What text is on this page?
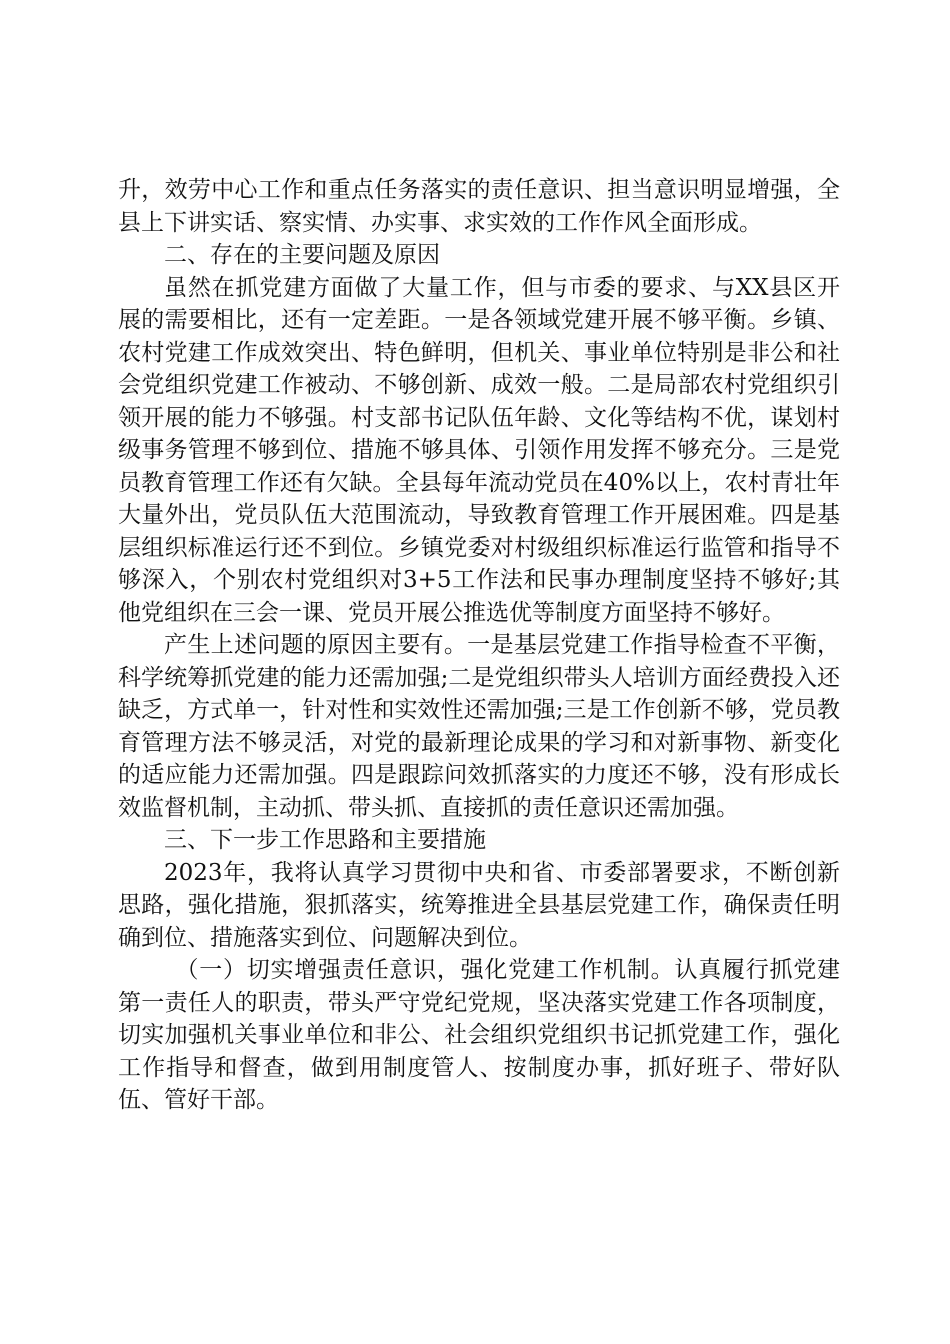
升，效劳中心工作和重点任务落实的责任意识、担当意识明显增强，全县上下讲实话、察实情、办实事、求实效的工作作风全面形成。

二、存在的主要问题及原因

虽然在抓党建方面做了大量工作，但与市委的要求、与XX县区开展的需要相比，还有一定差距。一是各领域党建开展不够平衡。乡镇、农村党建工作成效突出、特色鲜明，但机关、事业单位特别是非公和社会党组织党建工作被动、不够创新、成效一般。二是局部农村党组织引领开展的能力不够强。村支部书记队伍年龄、文化等结构不优，谋划村级事务管理不够到位、措施不够具体、引领作用发挥不够充分。三是党员教育管理工作还有欠缺。全县每年流动党员在40%以上，农村青壮年大量外出，党员队伍大范围流动，导致教育管理工作开展困难。四是基层组织标准运行还不到位。乡镇党委对村级组织标准运行监管和指导不够深入，个别农村党组织对3+5工作法和民事办理制度坚持不够好;其他党组织在三会一课、党员开展公推选优等制度方面坚持不够好。

产生上述问题的原因主要有。一是基层党建工作指导检查不平衡，科学统筹抓党建的能力还需加强;二是党组织带头人培训方面经费投入还缺乏，方式单一，针对性和实效性还需加强;三是工作创新不够，党员教育管理方法不够灵活，对党的最新理论成果的学习和对新事物、新变化的适应能力还需加强。四是跟踪问效抓落实的力度还不够，没有形成长效监督机制，主动抓、带头抓、直接抓的责任意识还需加强。

三、下一步工作思路和主要措施

2023年，我将认真学习贯彻中央和省、市委部署要求，不断创新思路，强化措施，狠抓落实，统筹推进全县基层党建工作，确保责任明确到位、措施落实到位、问题解决到位。

（一）切实增强责任意识，强化党建工作机制。认真履行抓党建第一责任人的职责，带头严守党纪党规，坚决落实党建工作各项制度，切实加强机关事业单位和非公、社会组织党组织书记抓党建工作，强化工作指导和督查，做到用制度管人、按制度办事，抓好班子、带好队伍、管好干部。
